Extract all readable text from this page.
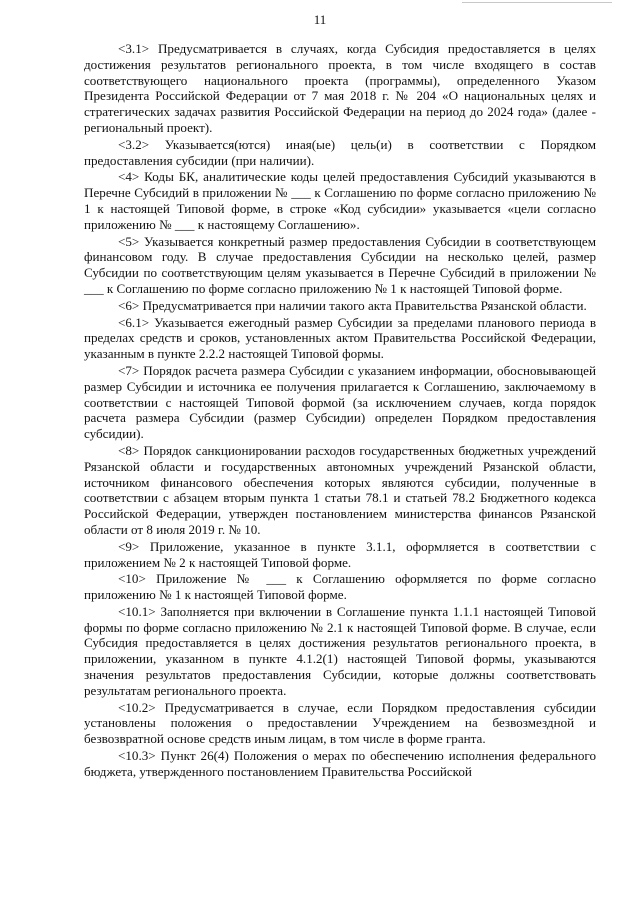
11

<3.1> Предусматривается в случаях, когда Субсидия предоставляется в целях достижения результатов регионального проекта, в том числе входящего в состав соответствующего национального проекта (программы), определенного Указом Президента Российской Федерации от 7 мая 2018 г. № 204 «О национальных целях и стратегических задачах развития Российской Федерации на период до 2024 года» (далее - региональный проект).

<3.2> Указывается(ются) иная(ые) цель(и) в соответствии с Порядком предоставления субсидии (при наличии).

<4> Коды БК, аналитические коды целей предоставления Субсидий указываются в Перечне Субсидий в приложении № ___ к Соглашению по форме согласно приложению № 1 к настоящей Типовой форме, в строке «Код субсидии» указывается «цели согласно приложению № ___ к настоящему Соглашению».

<5> Указывается конкретный размер предоставления Субсидии в соответствующем финансовом году. В случае предоставления Субсидии на несколько целей, размер Субсидии по соответствующим целям указывается в Перечне Субсидий в приложении № ___ к Соглашению по форме согласно приложению № 1 к настоящей Типовой форме.

<6> Предусматривается при наличии такого акта Правительства Рязанской области.

<6.1> Указывается ежегодный размер Субсидии за пределами планового периода в пределах средств и сроков, установленных актом Правительства Российской Федерации, указанным в пункте 2.2.2 настоящей Типовой формы.

<7> Порядок расчета размера Субсидии с указанием информации, обосновывающей размер Субсидии и источника ее получения прилагается к Соглашению, заключаемому в соответствии с настоящей Типовой формой (за исключением случаев, когда порядок расчета размера Субсидии (размер Субсидии) определен Порядком предоставления субсидии).

<8> Порядок санкционировании расходов государственных бюджетных учреждений Рязанской области и государственных автономных учреждений Рязанской области, источником финансового обеспечения которых являются субсидии, полученные в соответствии с абзацем вторым пункта 1 статьи 78.1 и статьей 78.2 Бюджетного кодекса Российской Федерации, утвержден постановлением министерства финансов Рязанской области от 8 июля 2019 г. № 10.

<9> Приложение, указанное в пункте 3.1.1, оформляется в соответствии с приложением № 2 к настоящей Типовой форме.

<10> Приложение № ___ к Соглашению оформляется по форме согласно приложению № 1 к настоящей Типовой форме.

<10.1> Заполняется при включении в Соглашение пункта 1.1.1 настоящей Типовой формы по форме согласно приложению № 2.1 к настоящей Типовой форме. В случае, если Субсидия предоставляется в целях достижения результатов регионального проекта, в приложении, указанном в пункте 4.1.2(1) настоящей Типовой формы, указываются значения результатов предоставления Субсидии, которые должны соответствовать результатам регионального проекта.

<10.2> Предусматривается в случае, если Порядком предоставления субсидии установлены положения о предоставлении Учреждением на безвозмездной и безвозвратной основе средств иным лицам, в том числе в форме гранта.

<10.3> Пункт 26(4) Положения о мерах по обеспечению исполнения федерального бюджета, утвержденного постановлением Правительства Российской
